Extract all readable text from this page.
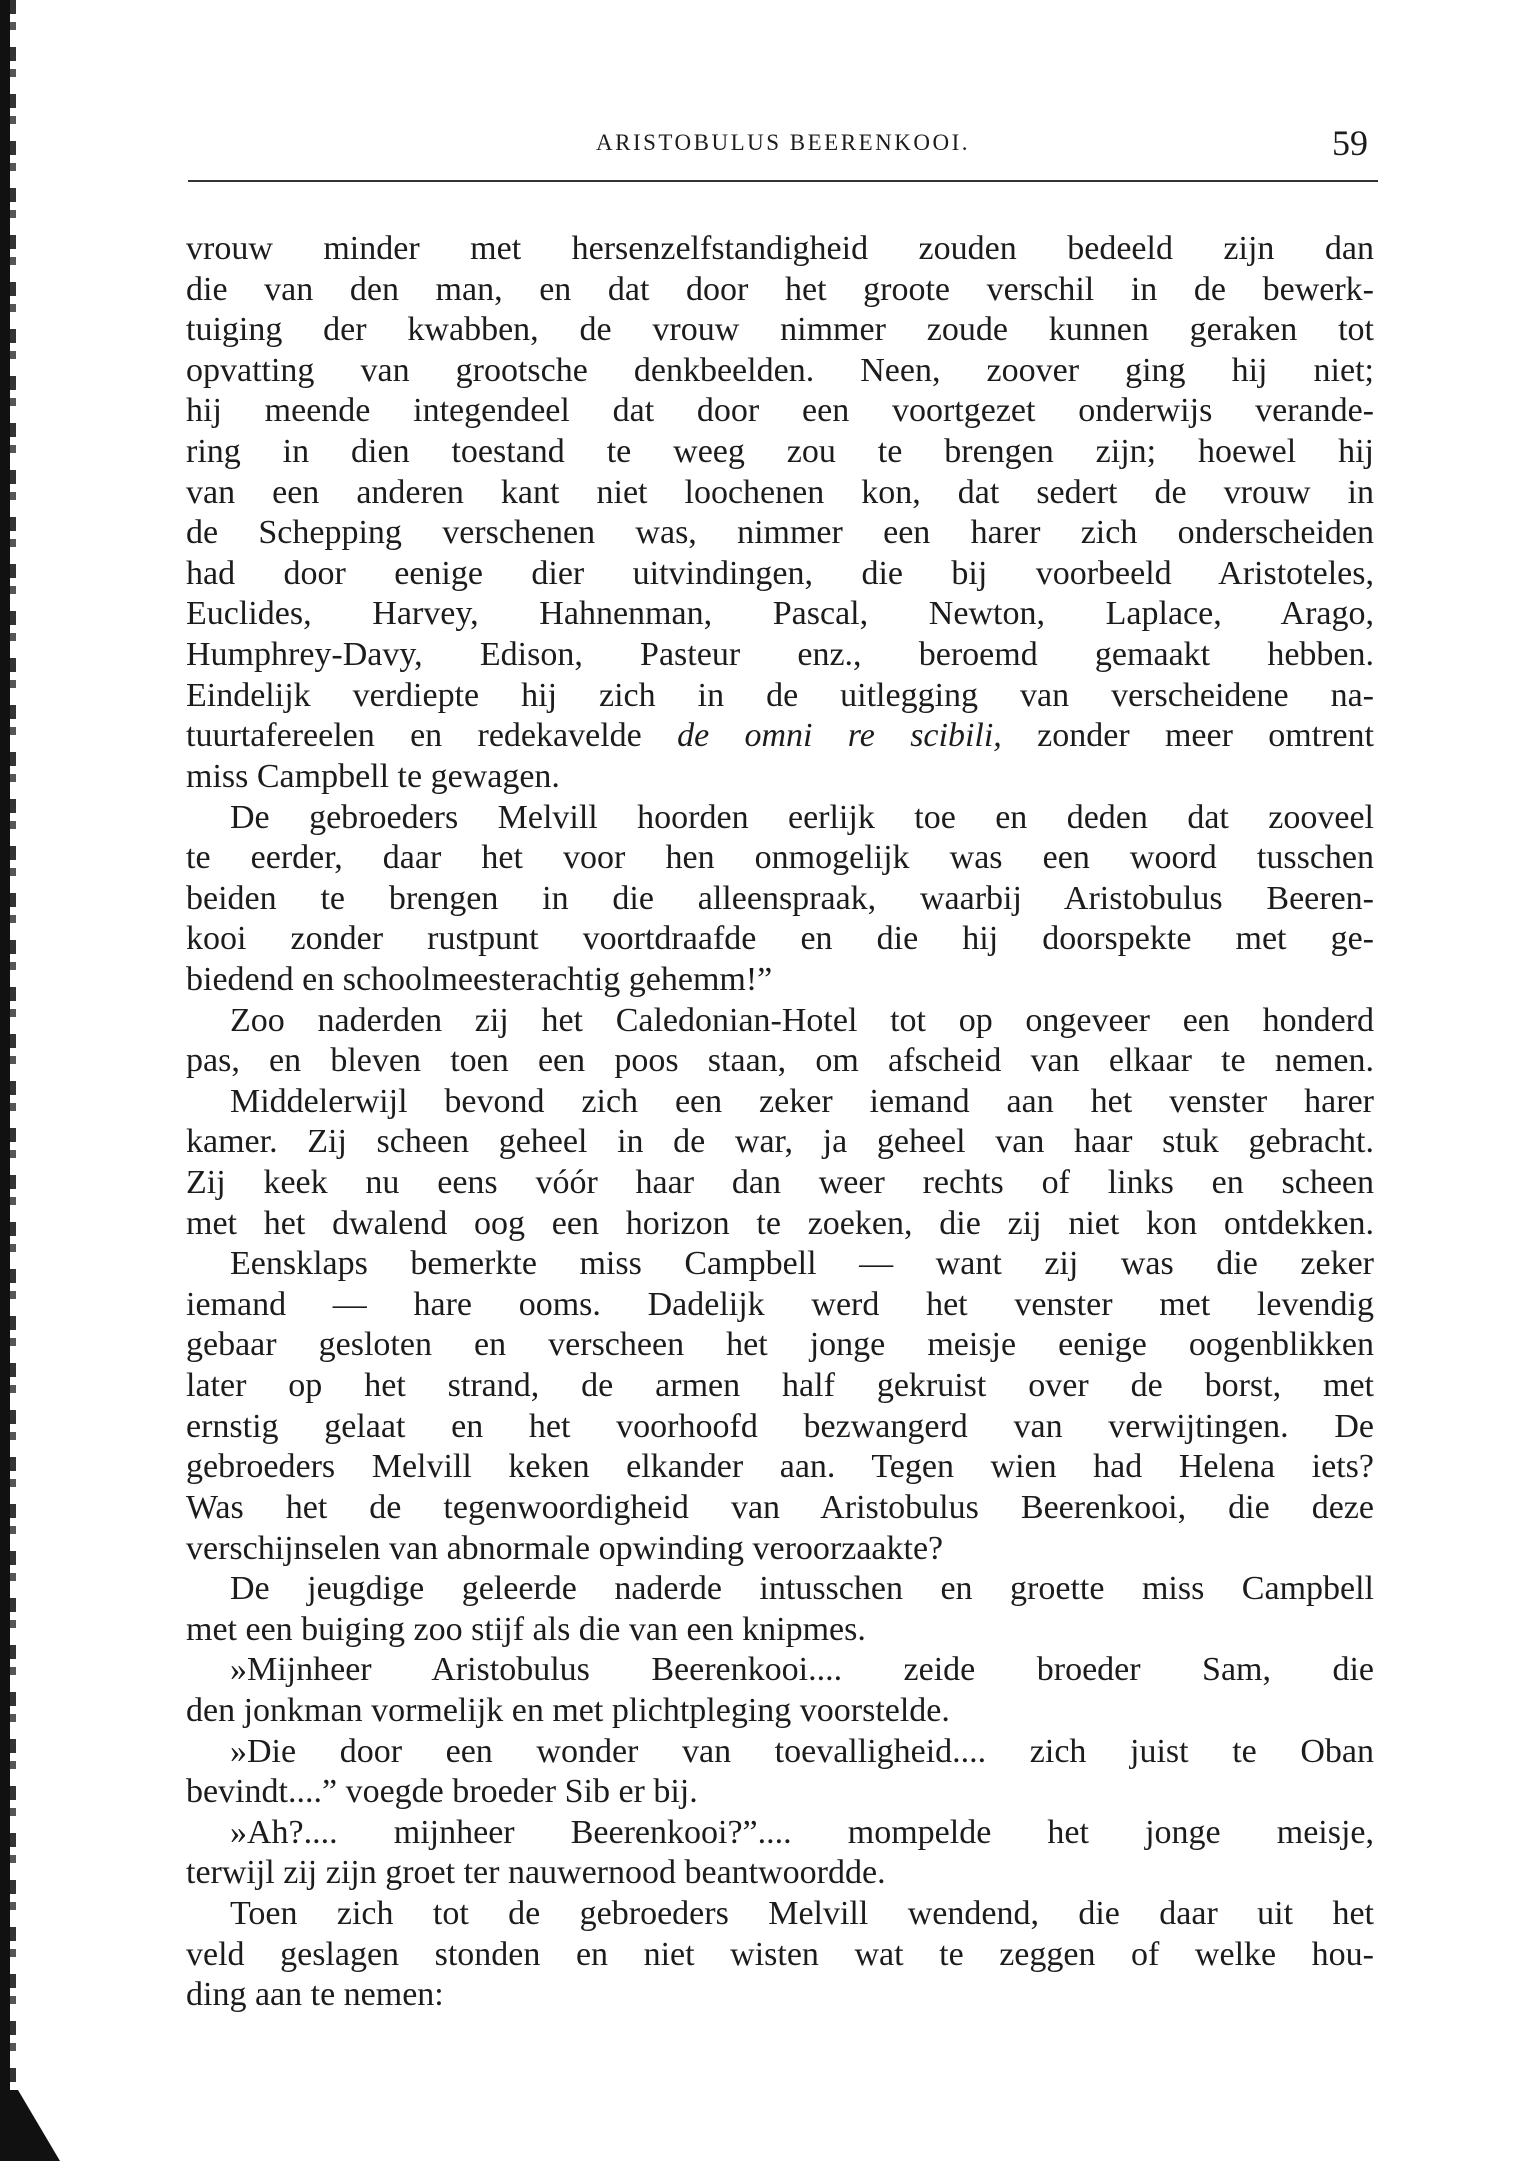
ARISTOBULUS BEERENKOOI.	59
vrouw minder met hersenzelfstandigheid zouden bedeeld zijn dan
die van den man, en dat door het groote verschil in de bewerk-
tuiging der kwabben, de vrouw nimmer zoude kunnen geraken tot
opvatting van grootsche denkbeelden. Neen, zoover ging hij niet;
hij meende integendeel dat door een voortgezet onderwijs verande-
ring in dien toestand te weeg zou te brengen zijn; hoewel hij
van een anderen kant niet loochenen kon, dat sedert de vrouw in
de Schepping verschenen was, nimmer een harer zich onderscheiden
had door eenige dier uitvindingen, die bij voorbeeld Aristoteles,
Euclides, Harvey, Hahnenman, Pascal, Newton, Laplace, Arago,
Humphrey-Davy, Edison, Pasteur enz., beroemd gemaakt hebben.
Eindelijk verdiepte hij zich in de uitlegging van verscheidene na-
tuurtafereelen en redekavelde de omni re scibili, zonder meer omtrent
miss Campbell te gewagen.
De gebroeders Melvill hoorden eerlijk toe en deden dat zooveel
te eerder, daar het voor hen onmogelijk was een woord tusschen
beiden te brengen in die alleenspraak, waarbij Aristobulus Beeren-
kooi zonder rustpunt voortdraafde en die hij doorspekte met ge-
biedend en schoolmeesterachtig gehemm!”
Zoo naderden zij het Caledonian-Hotel tot op ongeveer een honderd
pas, en bleven toen een poos staan, om afscheid van elkaar te nemen.
Middelerwijl bevond zich een zeker iemand aan het venster harer
kamer. Zij scheen geheel in de war, ja geheel van haar stuk gebracht.
Zij keek nu eens vóór haar dan weer rechts of links en scheen
met het dwalend oog een horizon te zoeken, die zij niet kon ontdekken.
Eensklaps bemerkte miss Campbell — want zij was die zeker
iemand — hare ooms. Dadelijk werd het venster met levendig
gebaar gesloten en verscheen het jonge meisje eenige oogenblikken
later op het strand, de armen half gekruist over de borst, met
ernstig gelaat en het voorhoofd bezwangerd van verwijtingen. De
gebroeders Melvill keken elkander aan. Tegen wien had Helena iets?
Was het de tegenwoordigheid van Aristobulus Beerenkooi, die deze
verschijnselen van abnormale opwinding veroorzaakte?
De jeugdige geleerde naderde intusschen en groette miss Campbell
met een buiging zoo stijf als die van een knipmes.
»Mijnheer Aristobulus Beerenkooi.... zeide broeder Sam, die
den jonkman vormelijk en met plichtpleging voorstelde.
»Die door een wonder van toevalligheid.... zich juist te Oban
bevindt....” voegde broeder Sib er bij.
»Ah?.... mijnheer Beerenkooi?”.... mompelde het jonge meisje,
terwijl zij zijn groet ter nauwernood beantwoordde.
Toen zich tot de gebroeders Melvill wendend, die daar uit het
veld geslagen stonden en niet wisten wat te zeggen of welke hou-
ding aan te nemen:
